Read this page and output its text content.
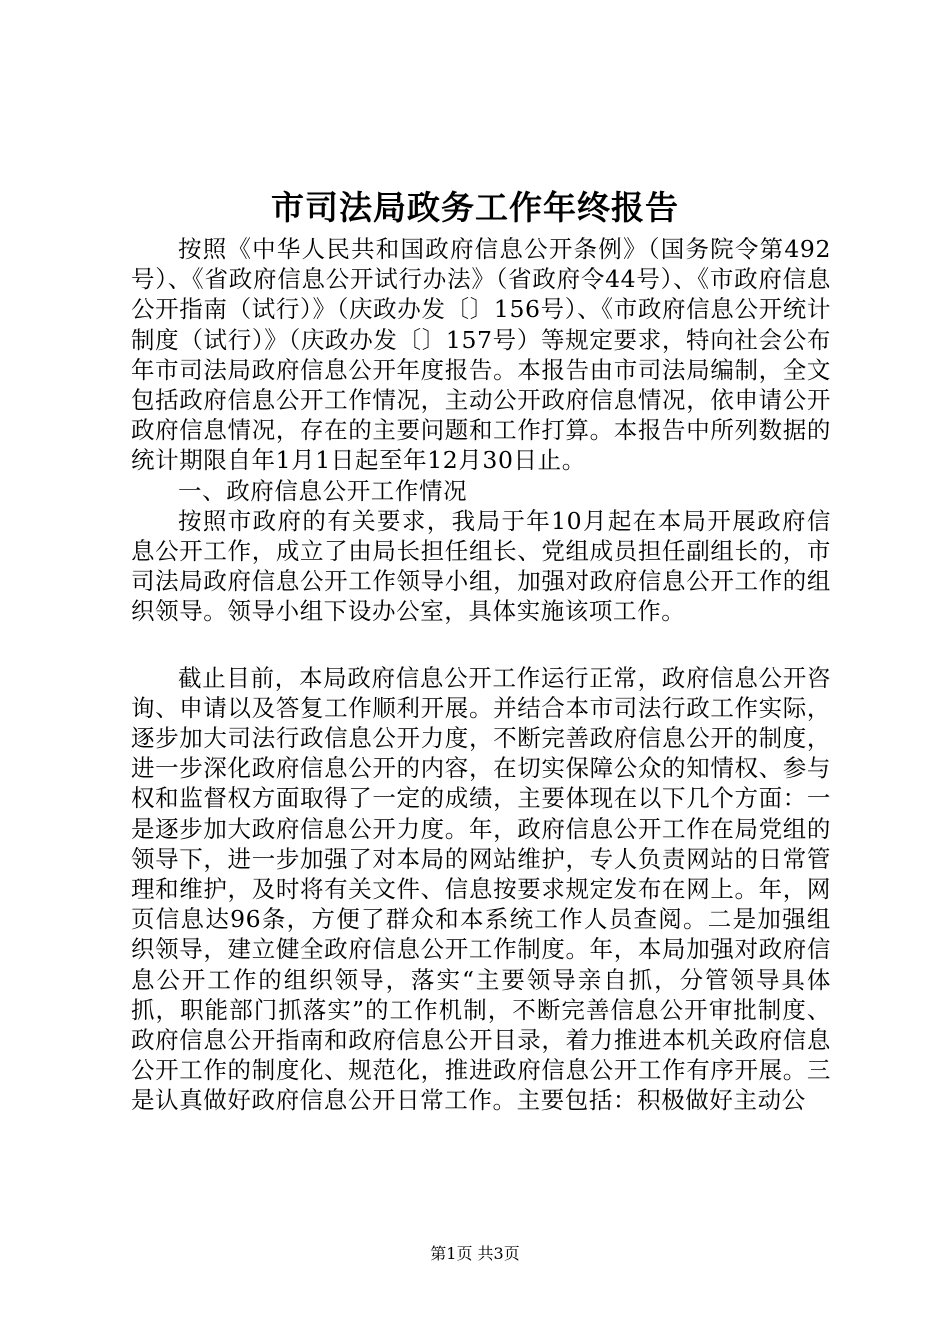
市司法局政务工作年终报告

按照《中华人民共和国政府信息公开条例》（国务院令第492号）、《省政府信息公开试行办法》（省政府令44号）、《市政府信息公开指南（试行）》（庆政办发〔〕156号）、《市政府信息公开统计制度（试行）》（庆政办发〔〕157号）等规定要求，特向社会公布年市司法局政府信息公开年度报告。本报告由市司法局编制，全文包括政府信息公开工作情况，主动公开政府信息情况，依申请公开政府信息情况，存在的主要问题和工作打算。本报告中所列数据的统计期限自年1月1日起至年12月30日止。

一、政府信息公开工作情况

按照市政府的有关要求，我局于年10月起在本局开展政府信息公开工作，成立了由局长担任组长、党组成员担任副组长的，市司法局政府信息公开工作领导小组，加强对政府信息公开工作的组织领导。领导小组下设办公室，具体实施该项工作。

截止目前，本局政府信息公开工作运行正常，政府信息公开咨询、申请以及答复工作顺利开展。并结合本市司法行政工作实际，逐步加大司法行政信息公开力度，不断完善政府信息公开的制度，进一步深化政府信息公开的内容，在切实保障公众的知情权、参与权和监督权方面取得了一定的成绩，主要体现在以下几个方面：一是逐步加大政府信息公开力度。年，政府信息公开工作在局党组的领导下，进一步加强了对本局的网站维护，专人负责网站的日常管理和维护，及时将有关文件、信息按要求规定发布在网上。年，网页信息达96条，方便了群众和本系统工作人员查阅。二是加强组织领导，建立健全政府信息公开工作制度。年，本局加强对政府信息公开工作的组织领导，落实“主要领导亲自抓，分管领导具体抓，职能部门抓落实”的工作机制，不断完善信息公开审批制度、政府信息公开指南和政府信息公开目录，着力推进本机关政府信息公开工作的制度化、规范化，推进政府信息公开工作有序开展。三是认真做好政府信息公开日常工作。主要包括：积极做好主动公

第1页 共3页
